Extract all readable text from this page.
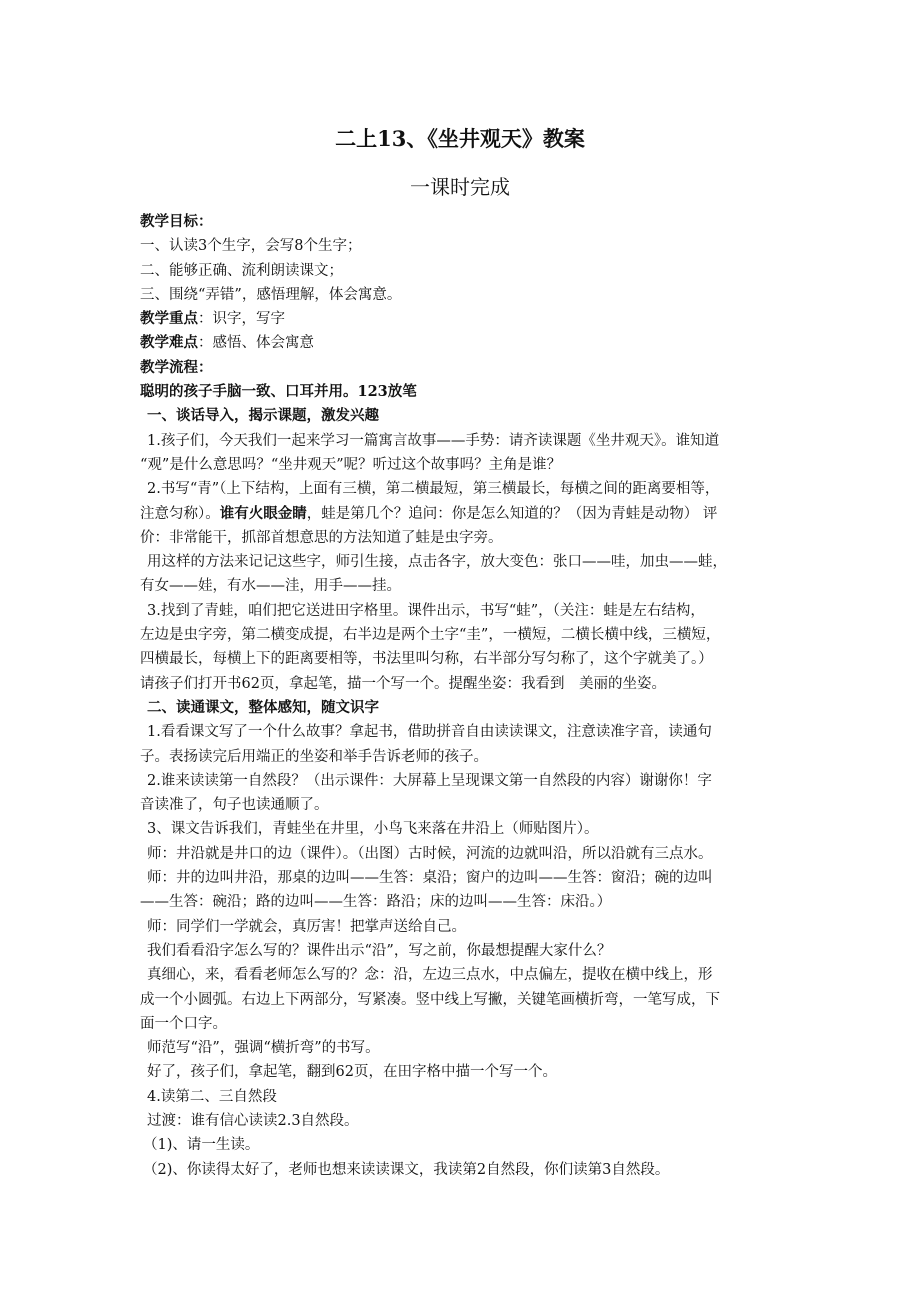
二上13、《坐井观天》教案
一课时完成

教学目标：

一、认读3个生字，会写8个生字；

二、能够正确、流利朗读课文；

三、围绕“弄错”，感悟理解，体会寓意。

教学重点：识字，写字

教学难点：感悟、体会寓意

教学流程：

聪明的孩子手脑一致、口耳并用。123放笔

一、谈话导入，揭示课题，激发兴趣

1.孩子们，今天我们一起来学习一篇寓言故事——手势：请齐读课题《坐井观天》。谁知道

“观”是什么意思吗？“坐井观天”呢？听过这个故事吗？主角是谁？

2.书写“青”（上下结构，上面有三横，第二横最短，第三横最长，每横之间的距离要相等，

注意匀称）。谁有火眼金睛，蛙是第几个？追问：你是怎么知道的？（因为青蛙是动物） 评

价：非常能干，抓部首想意思的方法知道了蛙是虫字旁。

用这样的方法来记记这些字，师引生接，点击各字，放大变色：张口——哇，加虫——蛙，

有女——娃，有水——洼，用手——挂。

3.找到了青蛙，咱们把它送进田字格里。课件出示，书写“蛙”，（关注：蛙是左右结构，

左边是虫字旁，第二横变成提，右半边是两个土字“圭”，一横短，二横长横中线，三横短，

四横最长，每横上下的距离要相等，书法里叫匀称，右半部分写匀称了，这个字就美了。）

请孩子们打开书62页，拿起笔，描一个写一个。提醒坐姿：我看到　美丽的坐姿。

二、读通课文，整体感知，随文识字

1.看看课文写了一个什么故事？拿起书，借助拼音自由读读课文，注意读准字音，读通句

子。表扬读完后用端正的坐姿和举手告诉老师的孩子。

2.谁来读读第一自然段？（出示课件：大屏幕上呈现课文第一自然段的内容）谢谢你！字

音读准了，句子也读通顺了。

3、课文告诉我们，青蛙坐在井里，小鸟飞来落在井沿上（师贴图片）。

师：井沿就是井口的边（课件）。（出图）古时候，河流的边就叫沿，所以沿就有三点水。

师：井的边叫井沿，那桌的边叫——生答：桌沿；窗户的边叫——生答：窗沿；碗的边叫

——生答：碗沿；路的边叫——生答：路沿；床的边叫——生答：床沿。）

师：同学们一学就会，真厉害！把掌声送给自己。

我们看看沿字怎么写的？课件出示“沿”，写之前，你最想提醒大家什么？

真细心，来，看看老师怎么写的？念：沿，左边三点水，中点偏左，提收在横中线上，形

成一个小圆弧。右边上下两部分，写紧凑。竖中线上写撇，关键笔画横折弯，一笔写成，下

面一个口字。

师范写“沿”，强调“横折弯”的书写。

好了，孩子们，拿起笔，翻到62页，在田字格中描一个写一个。

4.读第二、三自然段

过渡：谁有信心读读2.3自然段。

（1)、请一生读。

（2)、你读得太好了，老师也想来读读课文，我读第2自然段，你们读第3自然段。
